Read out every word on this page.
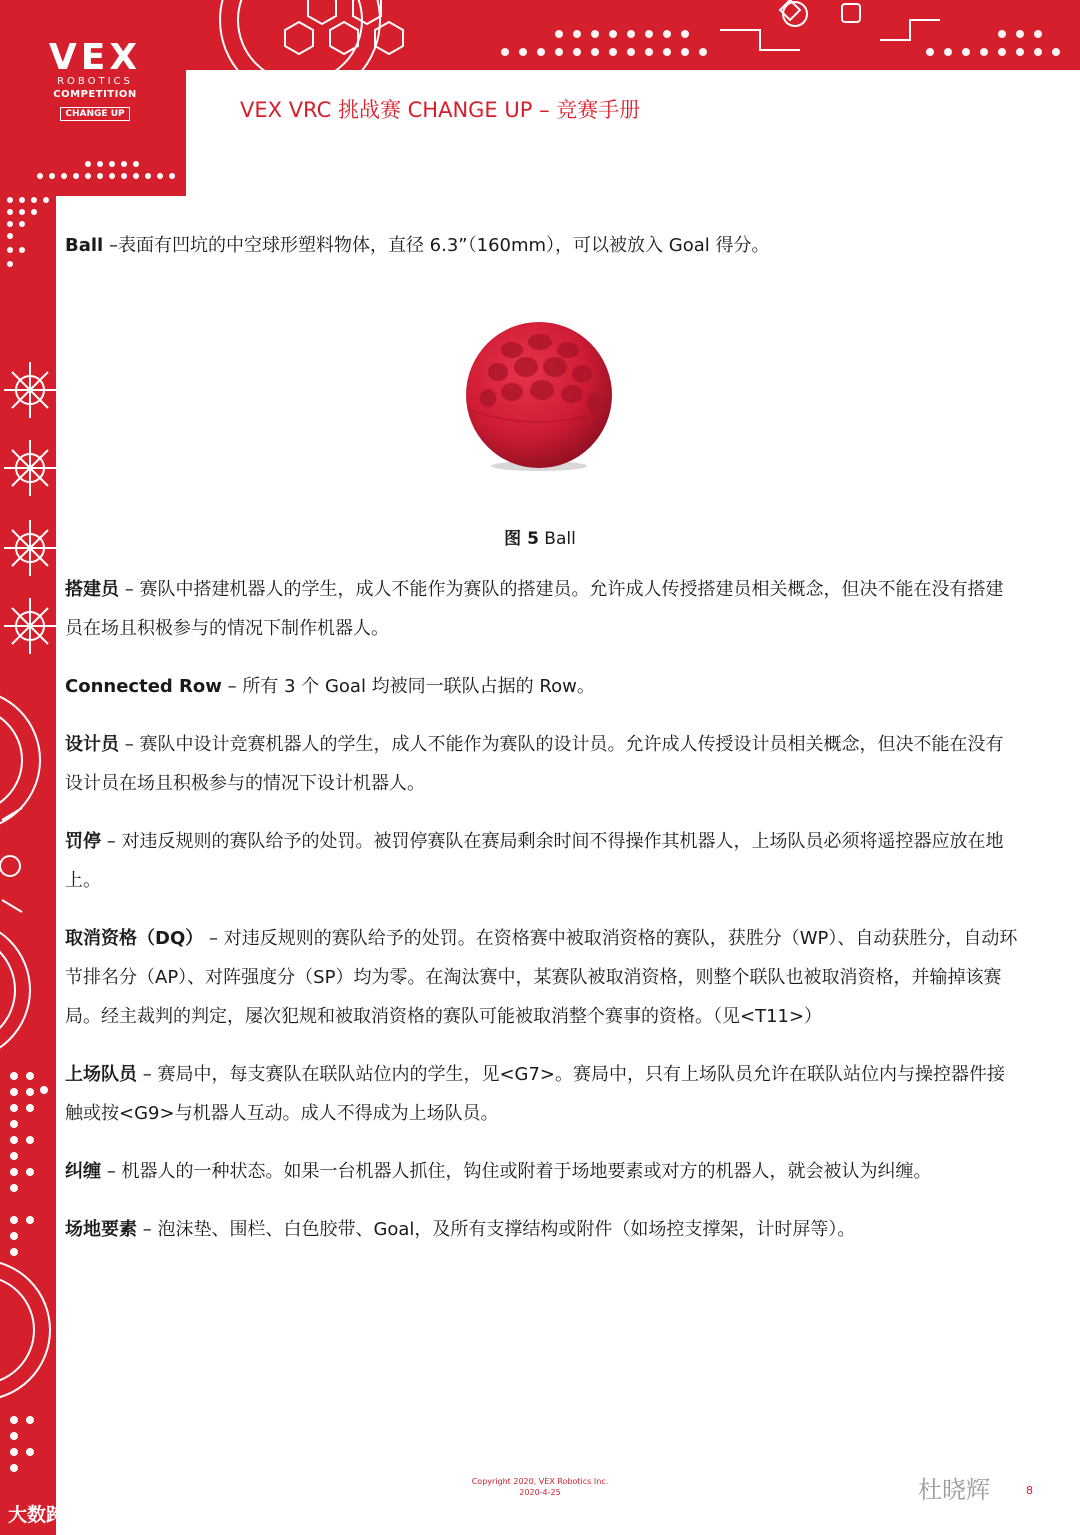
VEX
ROBOTICS
COMPETITION
CHANGE UP	VEX VRC 挑战赛 CHANGE UP – 竞赛手册

Ball –表面有凹坑的中空球形塑料物体，直径 6.3”（160mm），可以被放入 Goal 得分。

图 5 Ball

搭建员 – 赛队中搭建机器人的学生，成人不能作为赛队的搭建员。允许成人传授搭建员相关概念，但决不能在没有搭建员在场且积极参与的情况下制作机器人。

Connected Row – 所有 3 个 Goal 均被同一联队占据的 Row。

设计员 – 赛队中设计竞赛机器人的学生，成人不能作为赛队的设计员。允许成人传授设计员相关概念，但决不能在没有设计员在场且积极参与的情况下设计机器人。

罚停 – 对违反规则的赛队给予的处罚。被罚停赛队在赛局剩余时间不得操作其机器人，上场队员必须将遥控器应放在地上。

取消资格（DQ） – 对违反规则的赛队给予的处罚。在资格赛中被取消资格的赛队，获胜分（WP）、自动获胜分，自动环节排名分（AP）、对阵强度分（SP）均为零。在淘汰赛中，某赛队被取消资格，则整个联队也被取消资格，并输掉该赛局。经主裁判的判定，屡次犯规和被取消资格的赛队可能被取消整个赛事的资格。（见<T11>）

上场队员 – 赛局中，每支赛队在联队站位内的学生，见<G7>。赛局中，只有上场队员允许在联队站位内与操控器件接触或按<G9>与机器人互动。成人不得成为上场队员。

纠缠 – 机器人的一种状态。如果一台机器人抓住，钩住或附着于场地要素或对方的机器人，就会被认为纠缠。

场地要素 – 泡沫垫、围栏、白色胶带、Goal，及所有支撑结构或附件（如场控支撑架，计时屏等）。

Copyright 2020, VEX Robotics Inc.
2020-4-25	杜晓辉	8
大数跨境
